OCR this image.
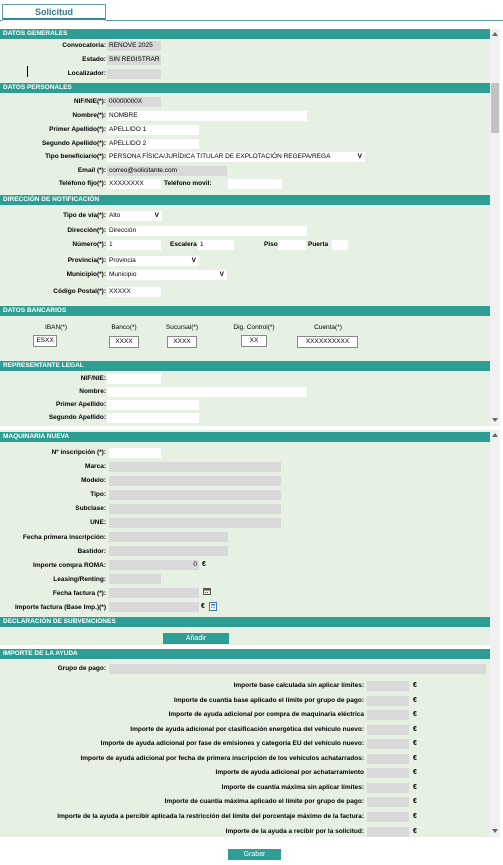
Solicitud
DATOS GENERALES
Convocatoria: RENOVE 2025
Estado: SIN REGISTRAR
Localizador:
DATOS PERSONALES
NIF/NIE(*): 00000000X
Nombre(*): NOMBRE
Primer Apellido(*): APELLIDO 1
Segundo Apellido(*): APELLIDO 2
Tipo beneficiario(*): PERSONA FÍSICA/JURÍDICA TITULAR DE EXPLOTACIÓN REGEPA/REGA	V
Email (*): correo@solicitante.com
Teléfono fijo(*): XXXXXXXX	Teléfono movil:
DIRECCIÓN DE NOTIFICACIÓN
Tipo de vía(*): Alto	V
Dirección(*): Dirección
Número(*): 1	Escalera 1	Piso	Puerta
Provincia(*): Provincia	V
Municipio(*): Municipio	V
Código Postal(*): XXXXX
DATOS BANCARIOS
IBAN(*)
ESXX
Banco(*)
XXXX
Sucursal(*)
XXXX
Dig. Control(*)
XX
Cuenta(*)
XXXXXXXXXX
REPRESENTANTE LEGAL
NIF/NIE:
Nombre:
Primer Apellido:
Segundo Apellido:
MAQUINARIA NUEVA
Nº inscripción (*):
Marca:
Modelo:
Tipo:
Subclase:
UNE:
Fecha primera inscripción:
Bastidor:
Importe compra ROMA:	0 €
Leasing/Renting:
Fecha factura (*):
Importe factura (Base Imp.)(*)	€
DECLARACIÓN DE SUBVENCIONES
Añadir
IMPORTE DE LA AYUDA
Grupo de pago:
Importe base calculada sin aplicar límites:	€
Importe de cuantía base aplicado el límite por grupo de pago:	€
Importe de ayuda adicional por compra de maquinaria eléctrica	€
Importe de ayuda adicional por clasificación energética del vehiculo nuevo:	€
Importe de ayuda adicional por fase de emisiones y categoría EU del vehículo nuevo:	€
Importe de ayuda adicional por fecha de primera inscripción de los vehículos achatarrados:	€
Importe de ayuda adicional por achatarramiento	€
Importe de cuantía máxima sin aplicar límites:	€
Importe de cuantía máxima aplicado el límite por grupo de pago:	€
Importe de la ayuda a percibir aplicada la restricción del límite del porcentaje máximo de la factura:	€
Importe de la ayuda a recibir por la solicitud:	€
Grabar
